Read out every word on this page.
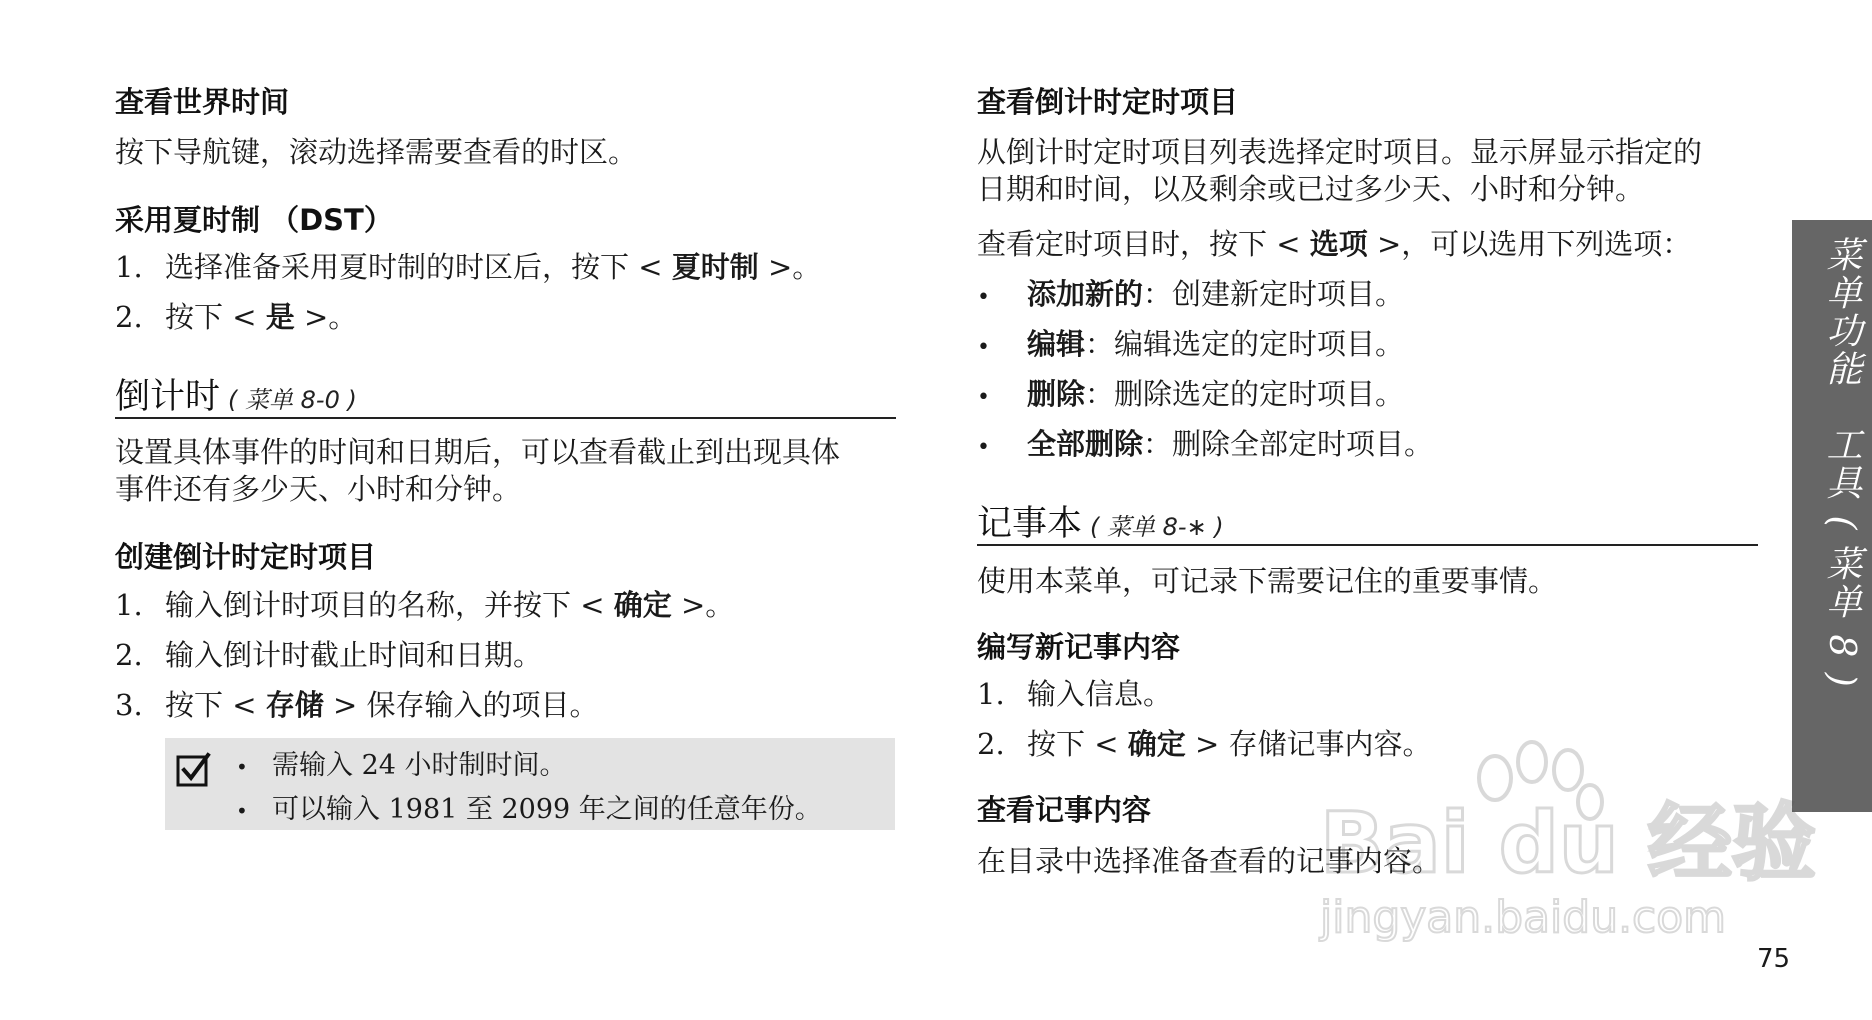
查看世界时间
按下导航键，滚动选择需要查看的时区。
采用夏时制 （DST）
1. 选择准备采用夏时制的时区后，按下 < 夏时制 >。
2. 按下 < 是 >。
倒计时 ( 菜单 8-0 )
设置具体事件的时间和日期后，可以查看截止到出现具体
事件还有多少天、小时和分钟。
创建倒计时定时项目
1. 输入倒计时项目的名称，并按下 < 确定 >。
2. 输入倒计时截止时间和日期。
3. 按下 < 存储 > 保存输入的项目。
• 需输入 24 小时制时间。
• 可以输入 1981 至 2099 年之间的任意年份。
查看倒计时定时项目
从倒计时定时项目列表选择定时项目。显示屏显示指定的
日期和时间，以及剩余或已过多少天、小时和分钟。
查看定时项目时，按下 < 选项 >，可以选用下列选项：
• 添加新的：创建新定时项目。
• 编辑：编辑选定的定时项目。
• 删除：删除选定的定时项目。
• 全部删除：删除全部定时项目。
记事本 ( 菜单 8-∗ )
使用本菜单，可记录下需要记住的重要事情。
编写新记事内容
1. 输入信息。
2. 按下 < 确定 > 存储记事内容。
查看记事内容
在目录中选择准备查看的记事内容。
菜单功能　工具 ( 菜单 8 )
75
Bai du 经验
jingyan.baidu.com
